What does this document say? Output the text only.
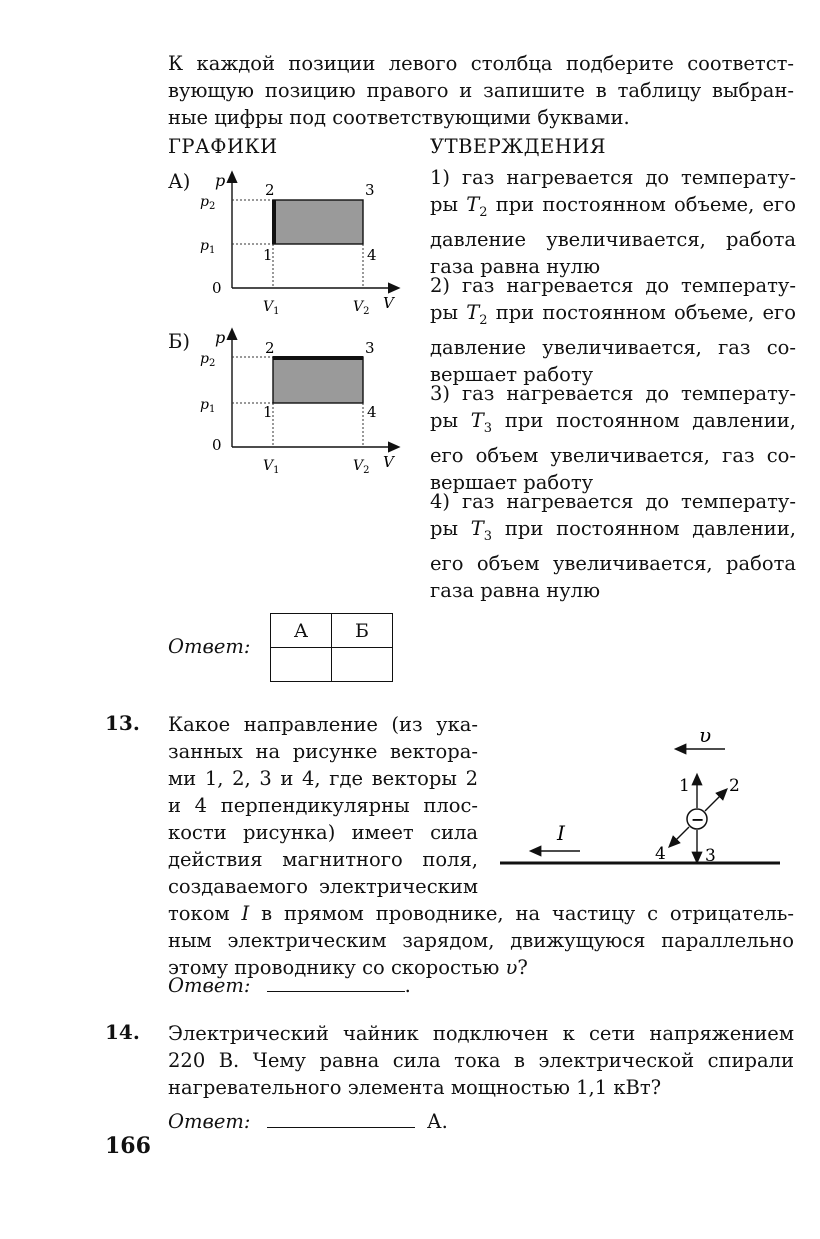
К каждой позиции левого столбца подберите соответст-
вующую позицию правого и запишите в таблицу выбран-
ные цифры под соответствующими буквами.
ГРАФИКИ	УТВЕРЖДЕНИЯ
А) p
$p_2$
$p_1$
0
$V_1$	$V_2$ V
2	3
1	4
Б) p
$p_2$
$p_1$
0
$V_1$	$V_2$ V
2	3
1	4
1) газ нагревается до температу-
ры $T_2$ при постоянном объеме, его
давление увеличивается, работа
газа равна нулю
2) газ нагревается до температу-
ры $T_2$ при постоянном объеме, его
давление увеличивается, газ со-
вершает работу
3) газ нагревается до температу-
ры $T_3$ при постоянном давлении,
его объем увеличивается, газ со-
вершает работу
4) газ нагревается до температу-
ры $T_3$ при постоянном давлении,
его объем увеличивается, работа
газа равна нулю
Ответ:
А	Б

13. Какое направление (из ука-
занных на рисунке вектора-
ми 1, 2, 3 и 4, где векторы 2
и 4 перпендикулярны плос-
кости рисунка) имеет сила
действия магнитного поля,
создаваемого электрическим
током I в прямом проводнике, на частицу с отрицатель-
ным электрическим зарядом, движущуюся параллельно
этому проводнику со скоростью υ?
υ
I
−
1 2
3
4
Ответ:	.
14. Электрический чайник подключен к сети напряжением
220 В. Чему равна сила тока в электрической спирали
нагревательного элемента мощностью 1,1 кВт?
Ответ:	А.
166
